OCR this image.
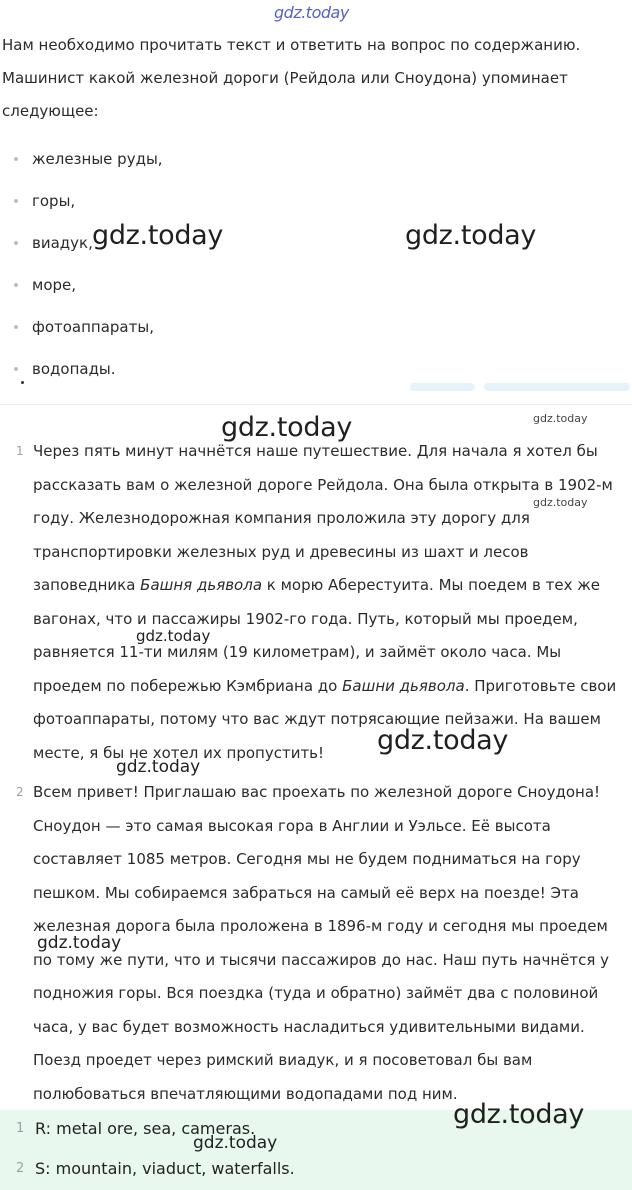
Нам необходимо прочитать текст и ответить на вопрос по содержанию.

Машинист какой железной дороги (Рейдола или Сноудона) упоминает

следующее:

железные руды,
горы,
виадук,
море,
фотоаппараты,
водопады.
1 Через пять минут начнётся наше путешествие. Для начала я хотел бы рассказать вам о железной дороге Рейдола. Она была открыта в 1902-м году. Железнодорожная компания проложила эту дорогу для транспортировки железных руд и древесины из шахт и лесов заповедника Башня дьявола к морю Аберестуита. Мы поедем в тех же вагонах, что и пассажиры 1902-го года. Путь, который мы проедем, равняется 11-ти милям (19 километрам), и займёт около часа. Мы проедем по побережью Кэмбриана до Башни дьявола. Приготовьте свои фотоаппараты, потому что вас ждут потрясающие пейзажи. На вашем месте, я бы не хотел их пропустить!
2 Всем привет! Приглашаю вас проехать по железной дороге Сноудона! Сноудон — это самая высокая гора в Англии и Уэльсе. Её высота составляет 1085 метров. Сегодня мы не будем подниматься на гору пешком. Мы собираемся забраться на самый её верх на поезде! Эта железная дорога была проложена в 1896-м году и сегодня мы проедем по тому же пути, что и тысячи пассажиров до нас. Наш путь начнётся у подножия горы. Вся поездка (туда и обратно) займёт два с половиной часа, у вас будет возможность насладиться удивительными видами. Поезд проедет через римский виадук, и я посоветовал бы вам полюбоваться впечатляющими водопадами под ним.
1 R: metal ore, sea, cameras.
2 S: mountain, viaduct, waterfalls.
gdz.today
gdz.today	gdz.today
gdz.today	gdz.today
gdz.today
gdz.today
gdz.today
gdz.today
gdz.today
gdz.today
gdz.today
